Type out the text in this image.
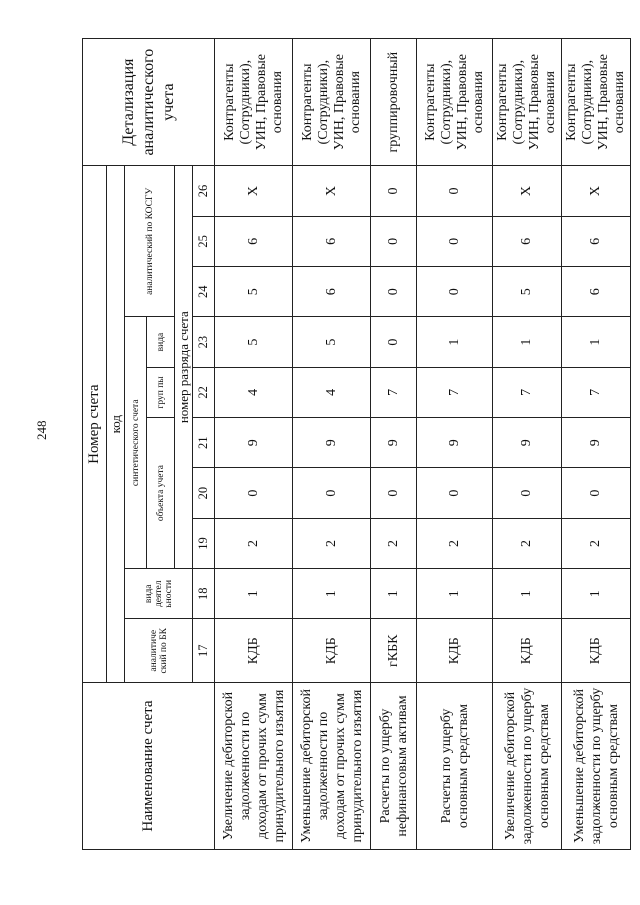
248
Наименование счета	Номер счета										Детализация аналитического учета
	код										
	аналитиче ский по БК	вида деятел ьности	синтетического счета					аналитический по КОСГУ			
			объекта учета			груп пы	вида				
			номер разряда счета								
	17	18	19	20	21	22	23	24	25	26	
Увеличение дебиторской задолженности по доходам от прочих сумм принудительного изъятия	КДБ	1	2	0	9	4	5	5	6	Х	Контрагенты (Сотрудники), УИН, Правовые основания
Уменьшение дебиторской задолженности по доходам от прочих сумм принудительного изъятия	КДБ	1	2	0	9	4	5	6	6	Х	Контрагенты (Сотрудники), УИН, Правовые основания
Расчеты по ущербу нефинансовым активам	гКБК	1	2	0	9	7	0	0	0	0	группировочный
Расчеты по ущербу основным средствам	КДБ	1	2	0	9	7	1	0	0	0	Контрагенты (Сотрудники), УИН, Правовые основания
Увеличение дебиторской задолженности по ущербу основным средствам	КДБ	1	2	0	9	7	1	5	6	Х	Контрагенты (Сотрудники), УИН, Правовые основания
Уменьшение дебиторской задолженности по ущербу основным средствам	КДБ	1	2	0	9	7	1	6	6	Х	Контрагенты (Сотрудники), УИН, Правовые основания
